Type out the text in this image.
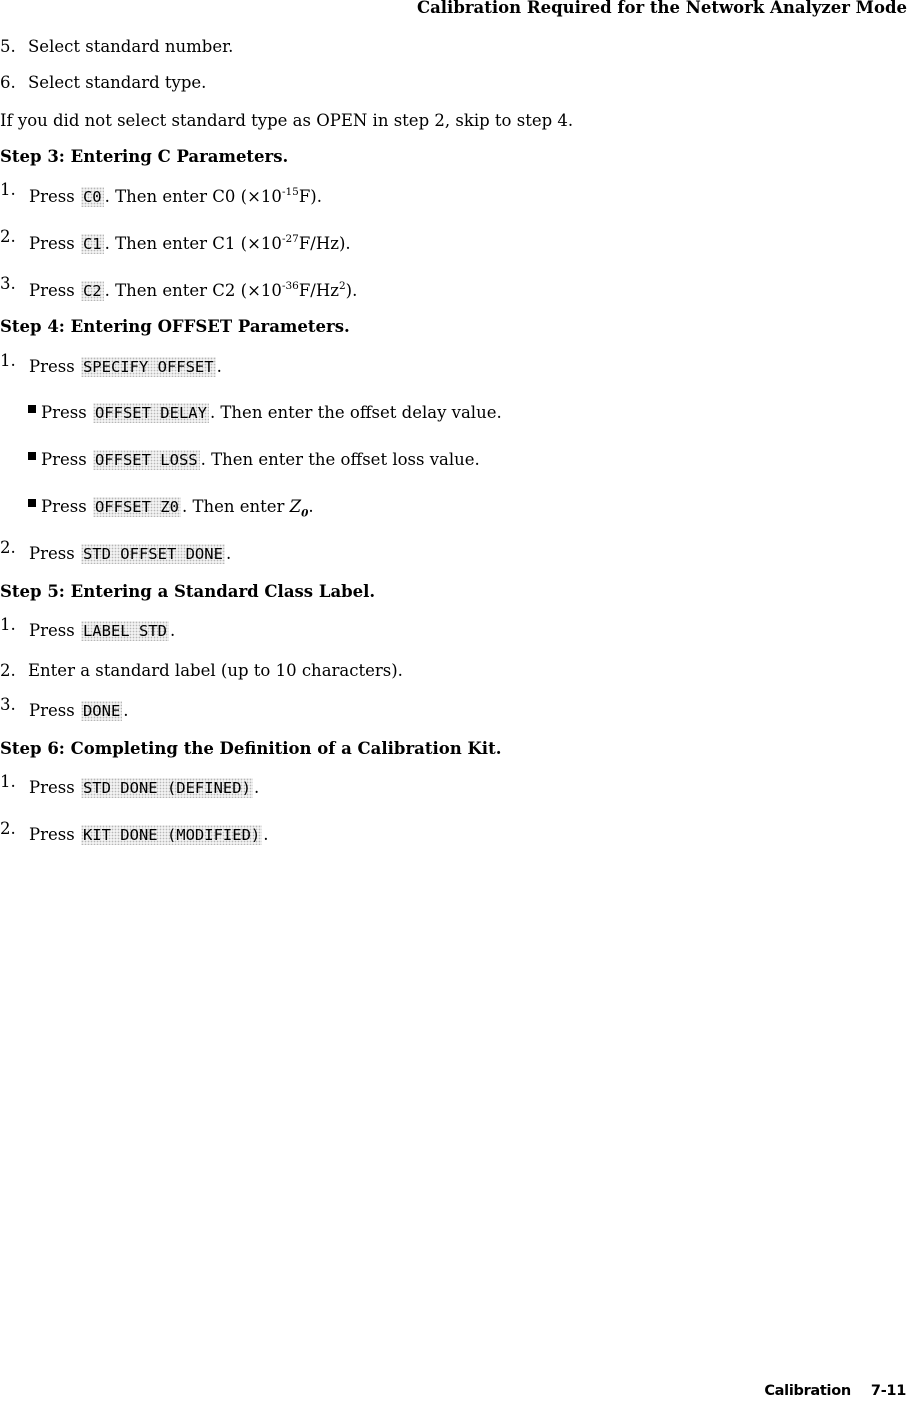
Calibration Required for the Network Analyzer Mode
5. Select standard number.
6. Select standard type.
If you did not select standard type as OPEN in step 2, skip to step 4.
Step 3: Entering C Parameters.
1. Press C0 . Then enter C0 $(\times 10^{-15}F)$.
2. Press C1 . Then enter C1 $(\times 10^{-27}F/Hz)$.
3. Press C2 . Then enter C2 $(\times 10^{-36}F/Hz^2)$.
Step 4: Entering OFFSET Parameters.
1. Press SPECIFY OFFSET .
Press OFFSET DELAY . Then enter the offset delay value.
Press OFFSET LOSS . Then enter the offset loss value.
Press OFFSET Z0 . Then enter $Z_0$.
2. Press STD OFFSET DONE .
Step 5: Entering a Standard Class Label.
1. Press LABEL STD .
2. Enter a standard label (up to 10 characters).
3. Press DONE .
Step 6: Completing the Definition of a Calibration Kit.
1. Press STD DONE (DEFINED) .
2. Press KIT DONE (MODIFIED) .
Calibration 7-11
